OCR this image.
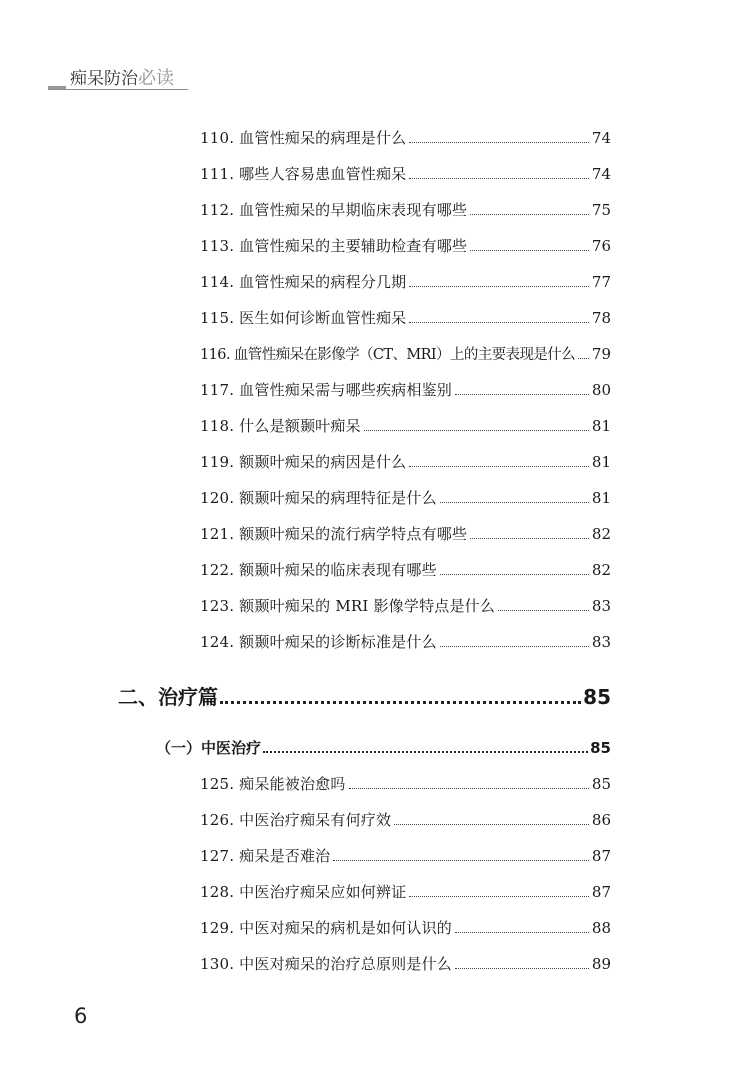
痴呆防治必读
110. 血管性痴呆的病理是什么	74
111. 哪些人容易患血管性痴呆	74
112. 血管性痴呆的早期临床表现有哪些	75
113. 血管性痴呆的主要辅助检查有哪些	76
114. 血管性痴呆的病程分几期	77
115. 医生如何诊断血管性痴呆	78
116. 血管性痴呆在影像学（CT、MRI）上的主要表现是什么 79
117. 血管性痴呆需与哪些疾病相鉴别	80
118. 什么是额颞叶痴呆	81
119. 额颞叶痴呆的病因是什么	81
120. 额颞叶痴呆的病理特征是什么	81
121. 额颞叶痴呆的流行病学特点有哪些	82
122. 额颞叶痴呆的临床表现有哪些	82
123. 额颞叶痴呆的 MRI 影像学特点是什么	83
124. 额颞叶痴呆的诊断标准是什么	83
二、治疗篇	85
（一）中医治疗	85
125. 痴呆能被治愈吗	85
126. 中医治疗痴呆有何疗效	86
127. 痴呆是否难治	87
128. 中医治疗痴呆应如何辨证	87
129. 中医对痴呆的病机是如何认识的	88
130. 中医对痴呆的治疗总原则是什么	89
6
